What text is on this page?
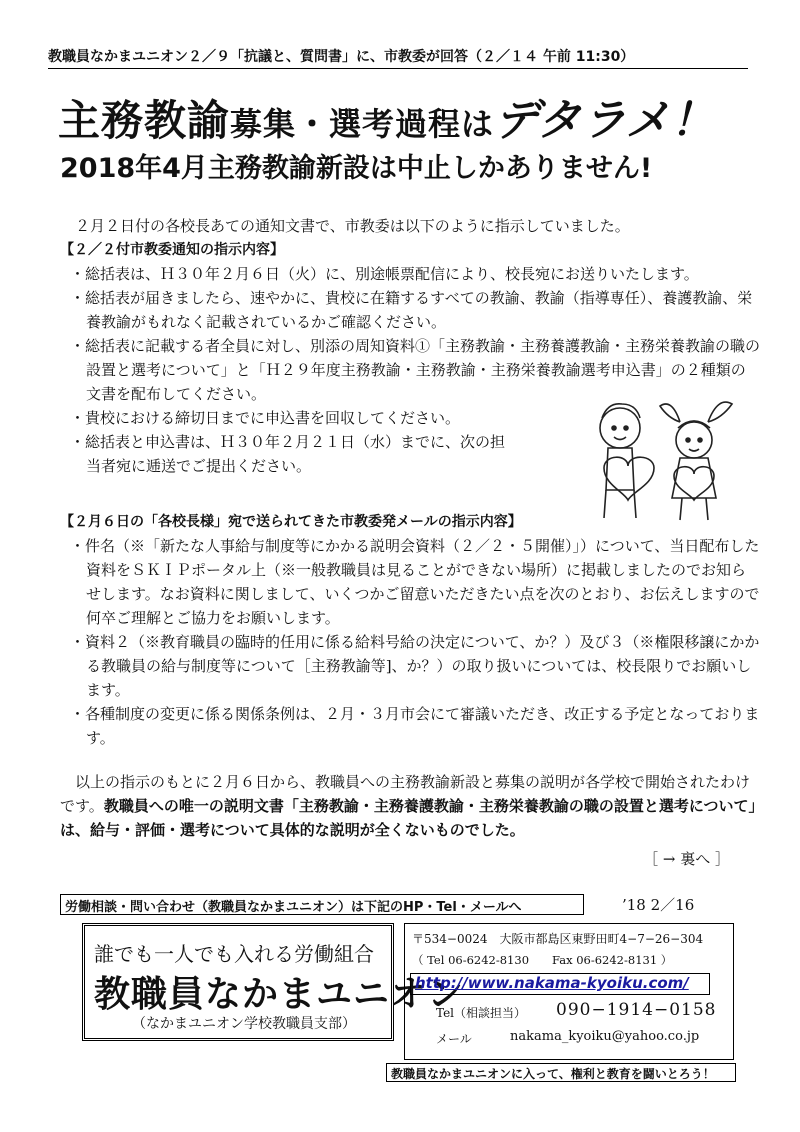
教職員なかまユニオン２／９「抗議と、質問書」に、市教委が回答（２／１４ 午前 11:30）
主務教諭募集・選考過程はデタラメ！
2018年4月主務教諭新設は中止しかありません!

２月２日付の各校長あての通知文書で、市教委は以下のように指示していました。

【２／２付市教委通知の指示内容】

・総括表は、Ｈ３０年２月６日（火）に、別途帳票配信により、校長宛にお送りいたします。
・総括表が届きましたら、速やかに、貴校に在籍するすべての教諭、教諭（指導専任）、養護教諭、栄養教諭がもれなく記載されているかご確認ください。
・総括表に記載する者全員に対し、別添の周知資料①「主務教諭・主務養護教諭・主務栄養教諭の職の設置と選考について」と「Ｈ２９年度主務教諭・主務教諭・主務栄養教諭選考申込書」の２種類の文書を配布してください。
・貴校における締切日までに申込書を回収してください。
・総括表と申込書は、Ｈ３０年２月２１日（水）までに、次の担当者宛に逓送でご提出ください。

【２月６日の「各校長様」宛で送られてきた市教委発メールの指示内容】

・件名（※「新たな人事給与制度等にかかる説明会資料（２／２・５開催）」）について、当日配布した資料をＳＫＩＰポータル上（※一般教職員は見ることができない場所）に掲載しましたのでお知らせします。なお資料に関しまして、いくつかご留意いただきたい点を次のとおり、お伝えしますので何卒ご理解とご協力をお願いします。
・資料２（※教育職員の臨時的任用に係る給料号給の決定について、か？）及び３（※権限移譲にかかる教職員の給与制度等について［主務教諭等]、か？）の取り扱いについては、校長限りでお願いします。
・各種制度の変更に係る関係条例は、２月・３月市会にて審議いただき、改正する予定となっております。

以上の指示のもとに２月６日から、教職員への主務教諭新設と募集の説明が各学校で開始されたわけです。教職員への唯一の説明文書「主務教諭・主務養護教諭・主務栄養教諭の職の設置と選考について」は、給与・評価・選考について具体的な説明が全くないものでした。

［ → 裏へ ］
労働相談・問い合わせ（教職員なかまユニオン）は下記のHP・Tel・メールへ	’18 2／16
誰でも一人でも入れる労働組合
教職員なかまユニオン
（なかまユニオン学校教職員支部）
〒534−0024　大阪市都島区東野田町4−7−26−304
（ Tel 06-6242-8130　　Fax 06-6242-8131 ）
http://www.nakama-kyoiku.com/
Tel（相談担当） 090−1914−0158
メール	nakama_kyoiku@yahoo.co.jp
教職員なかまユニオンに入って、権利と教育を闘いとろう！
